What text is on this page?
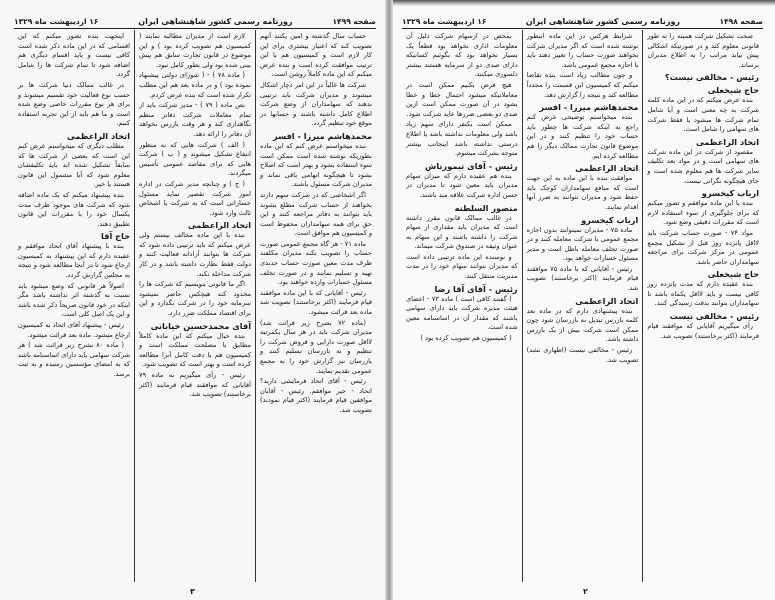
صفحه ۱۴۹۹
روزنامه رسمی کشور شاهنشاهی ایران
۱۶ اردیبهشت ماه ۱۳۲۹

حساب سال گذشته و امین یکنند آنهم تصویب کند که اعتبار بیشتری برای این کار لازم است و کمیسیون هم با این ترتیب موافقت کرده است و بنده عرض میکنم که این ماده کاملاً روشن است.

شرکت ها غالباً در این امر دچار اشکال میشوند و مدیران شرکت باید ترتیبی بدهند که سهامداران از وضع شرکت اطلاع کامل داشته باشند و حسابها در موقع خود تنظیم گردد.

محمدهاشم میرزا - افسر

بنده میخواستم عرض کنم که این ماده بطوریکه نوشته شده است ممکن است سوء استفاده بشود و بهتر است که اصلاح بشود تا هیچگونه ابهامی باقی نماند و مدیران شرکت مسئول باشند.

اگر اشخاصی که در شرکت سهم دارند بخواهند از حساب شرکت مطلع بشوند باید بتوانند به دفاتر مراجعه کنند و این حق برای همه سهامداران محفوظ است و کمیسیون هم موافق است.

ماده ۷۱ - هر گاه مجمع عمومی صورت حساب را تصویب نکند مدیران مکلفند ظرف مدت معین صورت حساب جدیدی تهیه و تسلیم نمایند و در صورت تخلف مسئول خسارات وارده خواهند بود.

رئیس - آقایانی که با این ماده موافقند قیام فرمایند (اکثر برخاستند) تصویب شد ماده بعد قرائت میشود.

(ماده ۷۲ بشرح زیر قرائت شد) مدیران شرکت باید در هر سال یکمرتبه لااقل صورت دارایی و قروض شرکت را تنظیم و به بازرسان تسلیم کنند و بازرسان نیز گزارش خود را به مجمع عمومی تقدیم نمایند.

رئیس - آقای اتحاد فرمایشی دارید؟ اتحاد - خیر موافقم. رئیس - آقایان موافقین قیام فرمایند (اکثر قیام نمودند) تصویب شد.

لازم است از مدیران مطالبه نمایند ( کمیسیون هم تصویب کرده بود ) و این موضوع در قانون تجارت سابق هم پیش بینی شده بود ولی بطور کامل نبود.

( ماده ۷۸ ) - ( شوراى دولتى پيشنهاد نموده بود ) و در ماده بعد هم این مطلب تکرار شده است که بنده عرض کردم.

نص ماده ( ۷۹ ) - مدیر شرکت باید از تمام معاملات شرکت دفاتر منظم نگاهداری کند و هر وقت بازرس بخواهد آن دفاتر را ارائه دهد.

( الف ) شرکت هایی که به منظور انتفاع تشکیل میشوند و ( ب ) شرکت هایی که برای مقاصد عمومی تأسیس میگردند.

( ج ) و چنانچه مدیر شرکت در اداره امور شرکت تقصیر نماید مسئول خساراتی است که به شرکت یا اشخاص ثالث وارد شود.

اتحاد الراعظمی

بنده با این ماده مخالف نیستم ولی عرض میکنم که باید ترتیبی داده شود که شرکت ها بتوانند آزادانه فعالیت کنند و دولت فقط نظارت داشته باشد و در کار شرکت مداخله نکند.

اگر ما قانونی بنویسیم که شرکت ها را محدود کند هیچکس حاضر نمیشود سرمایه خود را در شرکت بگذارد و این برای اقتصاد مملکت ضرر دارد.

آقای محمدحسین خیابانی

بنده خیال میکنم که این ماده کاملاً مطابق با مصلحت مملکت است و کمیسیون هم با دقت کامل آنرا مطالعه کرده است و بهتر است که تصویب شود.

رئیس - رأی میگیریم به ماده ۷۹ آقایانی که موافقند قیام فرمایند (اکثر برخاستند) تصویب شد.

اینجهت بنده تصور میکنم که این اقسامی که در این ماده ذکر شده است کافی نیست و باید اقسام دیگری هم اضافه شود تا تمام شرکت ها را شامل گردد.

در غالب ممالک دنیا شرکت ها بر حسب نوع فعالیت خود تقسیم میشوند و برای هر نوع مقررات خاصی وضع شده است و ما هم باید از این تجربه استفاده کنیم.

اتحاد الراعظمی

مطلب دیگری که میخواستم عرض کنم این است که بعضی از شرکت ها که سابقاً تشکیل شده اند باید تکلیفشان معلوم شود که آیا مشمول این قانون هستند یا خیر.

بنده پیشنهاد میکنم که یک ماده اضافه شود که شرکت های موجود ظرف مدت یکسال خود را با مقررات این قانون تطبیق دهند.

حاج آقا

بنده با پیشنهاد آقای اتحاد موافقم و عقیده دارم که این پیشنهاد به کمیسیون ارجاع شود تا در آنجا مطالعه شود و نتیجه به مجلس گزارش گردد.

اصولاً هر قانونی که وضع میشود باید نسبت به گذشته اثر نداشته باشد مگر اینکه در خود قانون صریحاً ذکر شده باشد و این یک اصل کلی است.

رئیس - پیشنهاد آقای اتحاد به کمیسیون ارجاع میشود. ماده بعد قرائت میشود.

( ماده ۸۰ بشرح زیر قرائت شد ) هر شرکت سهامی باید دارای اساسنامه باشد که به امضای مؤسسین رسیده و به ثبت برسد.

۳
صفحه ۱۴۹۸
روزنامه رسمی کشور شاهنشاهی ایران
۱۶ اردیبهشت ماه ۱۳۲۹

صحت تشکیل شرکت همینه را نه طور قانونی معلوم کند و در صورتیکه اشکالی پیش بیاید مراتب را به اطلاع مدیران برساند.

رئیس - مخالفی نیست؟

حاج شیخعلی

بنده عرض میکنم که در این ماده کلمه شرکت به چه معنی است و آیا شامل تمام شرکت ها میشود یا فقط شرکت های سهامی را شامل است.

اتحاد الراعظمی

مقصود از شرکت در این ماده شرکت های سهامی است و در مواد بعد تکلیف سایر شرکت ها هم معلوم شده است و جای هیچگونه نگرانی نیست.

ارباب کیخسرو

بنده با این ماده موافقم و تصور میکنم که برای جلوگیری از سوء استفاده لازم است که مقررات دقیقی وضع شود.

مواد ۷۴ - صورت حساب شرکت باید لااقل پانزده روز قبل از تشکیل مجمع عمومی در مرکز شرکت برای مراجعه سهامداران حاضر باشد.

حاج شیخعلی

بنده عقیده دارم که مدت پانزده روز کافی نیست و باید لااقل یکماه باشد تا سهامداران بتوانند بدقت رسیدگی کنند.

رئیس - مخالفی نیست

رأی میگیریم آقایانی که موافقند قیام فرمایند (اکثر برخاستند) تصویب شد.

شرایط هرکس در این ماده اینطور نوشته شده است که اگر مدیران شرکت بخواهند صورت حساب را تغییر دهند باید با اجازه مجمع عمومی باشد.

و چون مطالب زیاد است بنده تقاضا میکنم که کمیسیون این قسمت را مجدداً مطالعه کند و نتیجه را گزارش دهد.

محمدهاشم میرزا - افسر

بنده میخواستم توضیحی عرض کنم راجع به اینکه شرکت ها چطور باید حساب خود را تنظیم کنند و در این موضوع قانون تجارت ممالک دیگر را هم مطالعه کرده ایم.

اتحاد الراعظمی

موافقت بنده با این ماده به این جهت است که منافع سهامداران کوچک باید حفظ شود و مدیران نتوانند به ضرر آنها اقدام نمایند.

ارباب کیخسرو

ماده ۷۵ - مدیران نمیتوانند بدون اجازه مجمع عمومی با شرکت معامله کنند و در صورت تخلف معامله باطل است و مدیر مسئول خسارات خواهد بود.

رئیس - آقایانی که با ماده ۷۵ موافقند قیام فرمایند (اکثر برخاستند) تصویب شد.

اتحاد الراعظمی

بنده پیشنهادی دارم که در ماده بعد کلمه بازرس تبدیل به بازرسان شود چون ممکن است شرکت بیش از یک بازرس داشته باشد.

رئیس - مخالفی نیست (اظهاری نشد) تصویب شد.

بمحض در ازسهام شرکت دلیل آن معلومات اداری نخواهد بود قطعاً یک بسیار نخواهد بود که بگوئیم کسانیکه دارای صدی دو از سرمایه هستند بیشتر دلسوزی میکنند.

هیچ فرض بکنیم ممکن است در معاملاتیکه میشود احتمال خطا و خطا بشود در آن صورت ممکن است ازین صدی دو بعضی ضررها عاید شرکت شود.

ممکن است یکنفر دارای سهم زیاد باشد ولی معلومات نداشته باشد یا اطلاع درستی نداشته باشد اینجانب بیشتر متوجه بشرکت میشوم.

رئیس - آقای تیمورتاش

بنده هم عقیده دارم که میزان سهام مدیران باید معین شود تا مدیران در حسن اداره شرکت علاقه مند باشند.

منصور السلطنه

در غالب ممالک قانون مقرر داشته است که مدیران باید مقداری از سهام شرکت را داشته باشند و این سهام به عنوان وثیقه در صندوق شرکت میماند.

و نوسنده این ماده ترتیبی داده است که مدیران نتوانند سهام خود را در مدت مدیریت منتقل کنند.

رئیس - آقای آقا رضا

( گفتند کافی است ) ماده ۷۳ - اعضای هیئت مدیره شرکت باید دارای سهامی باشند که مقدار آن در اساسنامه معین شده است.

( کمیسیون هم تصویب کرده بود )

۲
